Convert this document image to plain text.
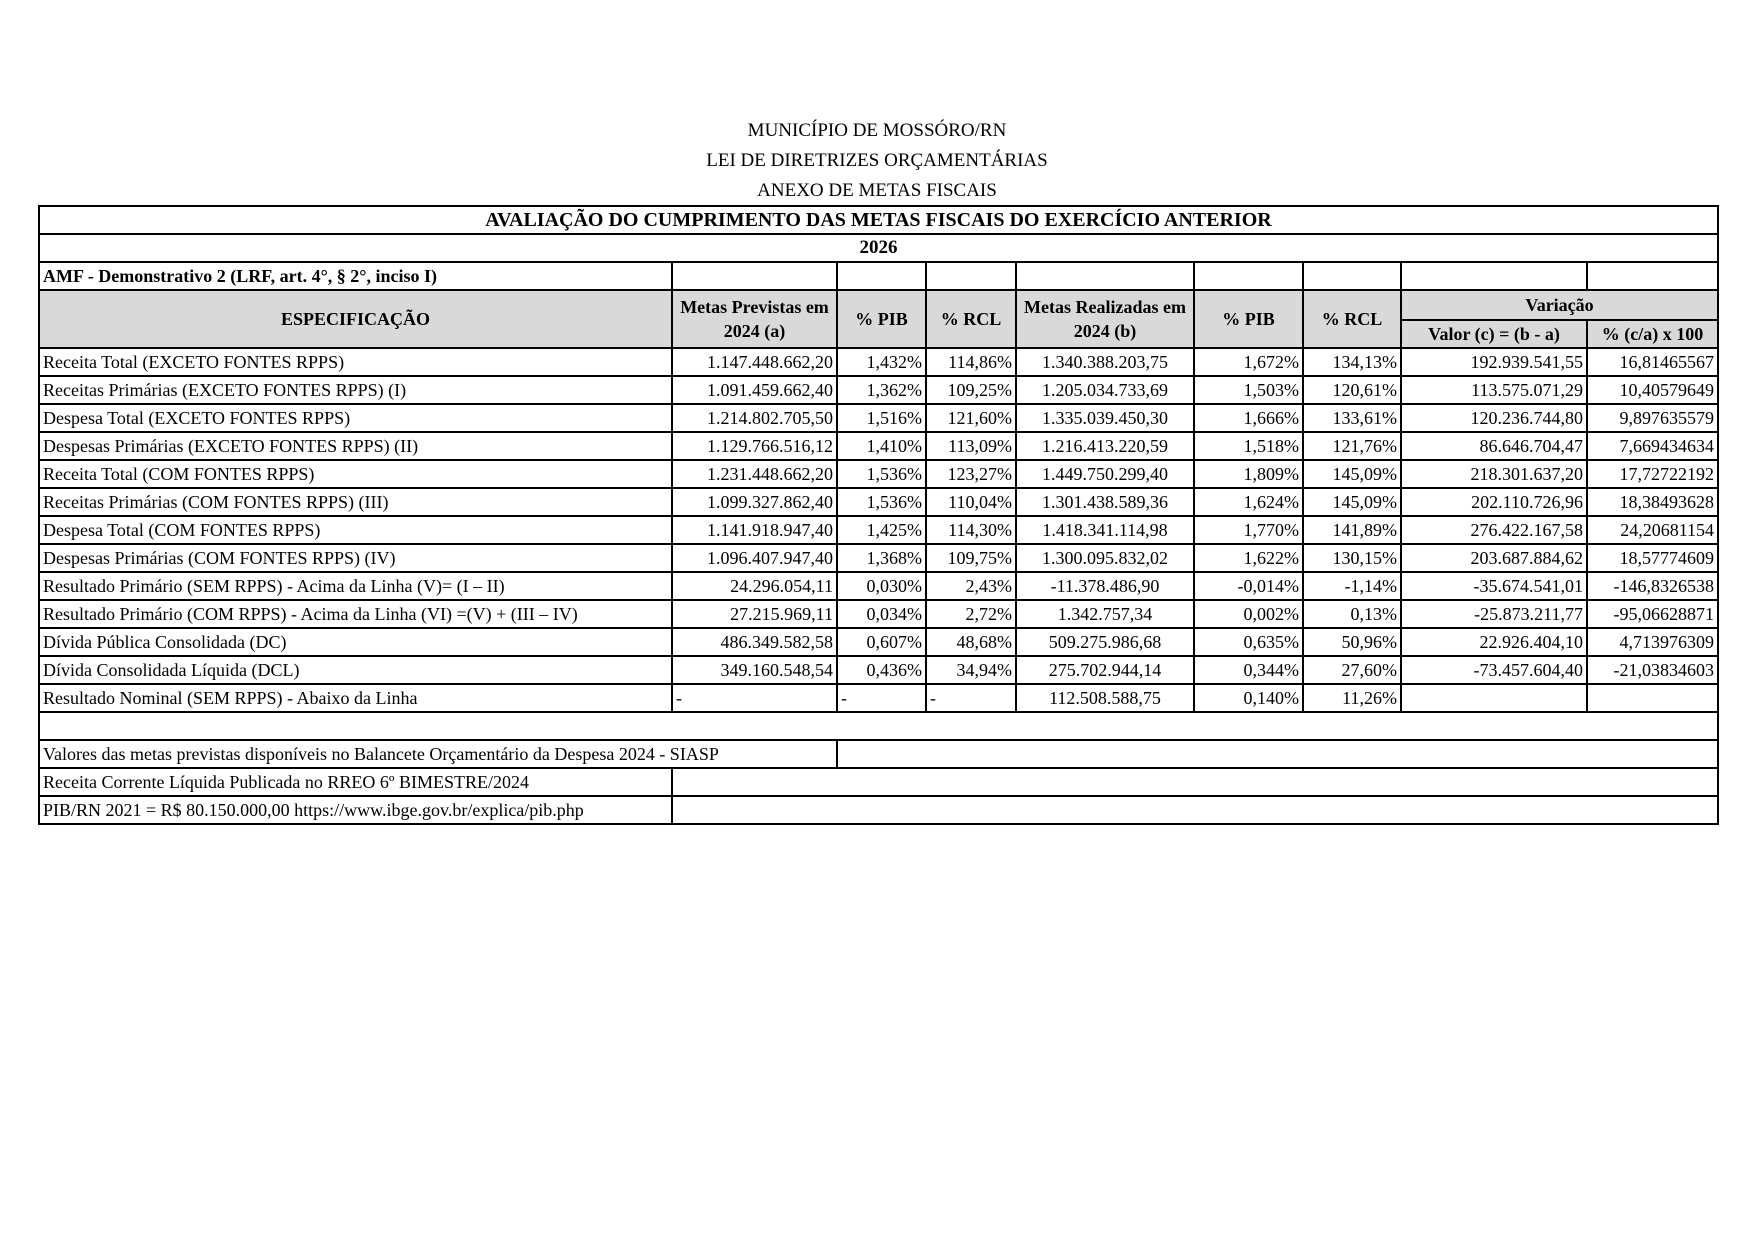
MUNICÍPIO DE MOSSÓRO/RN
LEI DE DIRETRIZES ORÇAMENTÁRIAS
ANEXO DE METAS FISCAIS
AVALIAÇÃO DO CUMPRIMENTO DAS METAS FISCAIS DO EXERCÍCIO ANTERIOR								
2026								
AMF - Demonstrativo 2 (LRF, art. 4°, § 2°, inciso I)								
ESPECIFICAÇÃO	Metas Previstas em 2024 (a)	% PIB	% RCL	Metas Realizadas em 2024 (b)	% PIB	% RCL	Variação	
							Valor (c) = (b - a)	% (c/a) x 100
Receita Total (EXCETO FONTES RPPS)	1.147.448.662,20	1,432%	114,86%	1.340.388.203,75	1,672%	134,13%	192.939.541,55	16,81465567
Receitas Primárias (EXCETO FONTES RPPS) (I)	1.091.459.662,40	1,362%	109,25%	1.205.034.733,69	1,503%	120,61%	113.575.071,29	10,40579649
Despesa Total (EXCETO FONTES RPPS)	1.214.802.705,50	1,516%	121,60%	1.335.039.450,30	1,666%	133,61%	120.236.744,80	9,897635579
Despesas Primárias (EXCETO FONTES RPPS) (II)	1.129.766.516,12	1,410%	113,09%	1.216.413.220,59	1,518%	121,76%	86.646.704,47	7,669434634
Receita Total (COM FONTES RPPS)	1.231.448.662,20	1,536%	123,27%	1.449.750.299,40	1,809%	145,09%	218.301.637,20	17,72722192
Receitas Primárias (COM FONTES RPPS) (III)	1.099.327.862,40	1,536%	110,04%	1.301.438.589,36	1,624%	145,09%	202.110.726,96	18,38493628
Despesa Total (COM FONTES RPPS)	1.141.918.947,40	1,425%	114,30%	1.418.341.114,98	1,770%	141,89%	276.422.167,58	24,20681154
Despesas Primárias (COM FONTES RPPS) (IV)	1.096.407.947,40	1,368%	109,75%	1.300.095.832,02	1,622%	130,15%	203.687.884,62	18,57774609
Resultado Primário (SEM RPPS) - Acima da Linha (V)= (I – II)	24.296.054,11	0,030%	2,43%	-11.378.486,90	-0,014%	-1,14%	-35.674.541,01	-146,8326538
Resultado Primário (COM RPPS) - Acima da Linha (VI) =(V) + (III – IV)	27.215.969,11	0,034%	2,72%	1.342.757,34	0,002%	0,13%	-25.873.211,77	-95,06628871
Dívida Pública Consolidada (DC)	486.349.582,58	0,607%	48,68%	509.275.986,68	0,635%	50,96%	22.926.404,10	4,713976309
Dívida Consolidada Líquida (DCL)	349.160.548,54	0,436%	34,94%	275.702.944,14	0,344%	27,60%	-73.457.604,40	-21,03834603
Resultado Nominal (SEM RPPS) - Abaixo da Linha	-	-	-	112.508.588,75	0,140%	11,26%		

Valores das metas previstas disponíveis no Balancete Orçamentário da Despesa 2024 - SIASP								
Receita Corrente Líquida Publicada no RREO 6º BIMESTRE/2024								
PIB/RN 2021 = R$ 80.150.000,00 https://www.ibge.gov.br/explica/pib.php								
